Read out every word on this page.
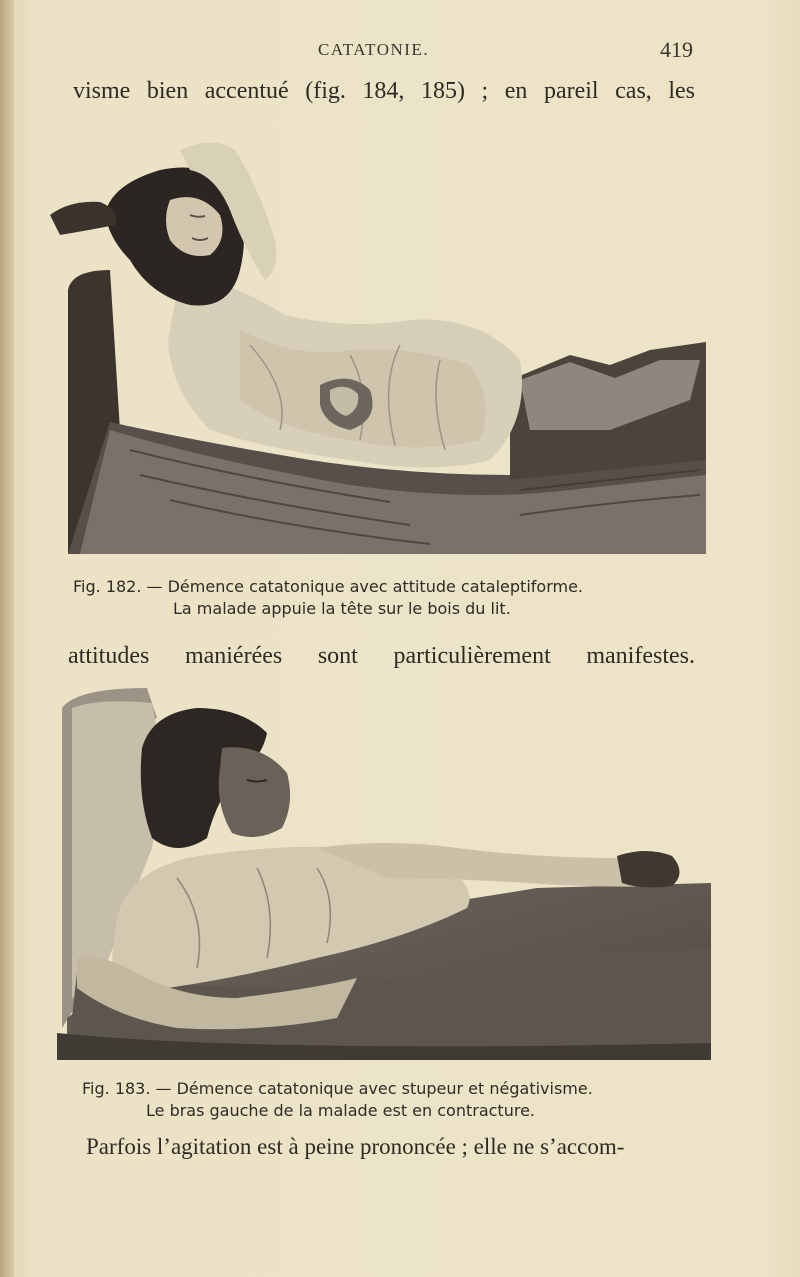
CATATONIE.	419
visme bien accentué (fig. 184, 185) ; en pareil cas, les
Fig. 182. — Démence catatonique avec attitude cataleptiforme.
La malade appuie la tête sur le bois du lit.
attitudes maniérées sont particulièrement manifestes.
Fig. 183. — Démence catatonique avec stupeur et négativisme.
Le bras gauche de la malade est en contracture.
Parfois l’agitation est à peine prononcée ; elle ne s’accom-
